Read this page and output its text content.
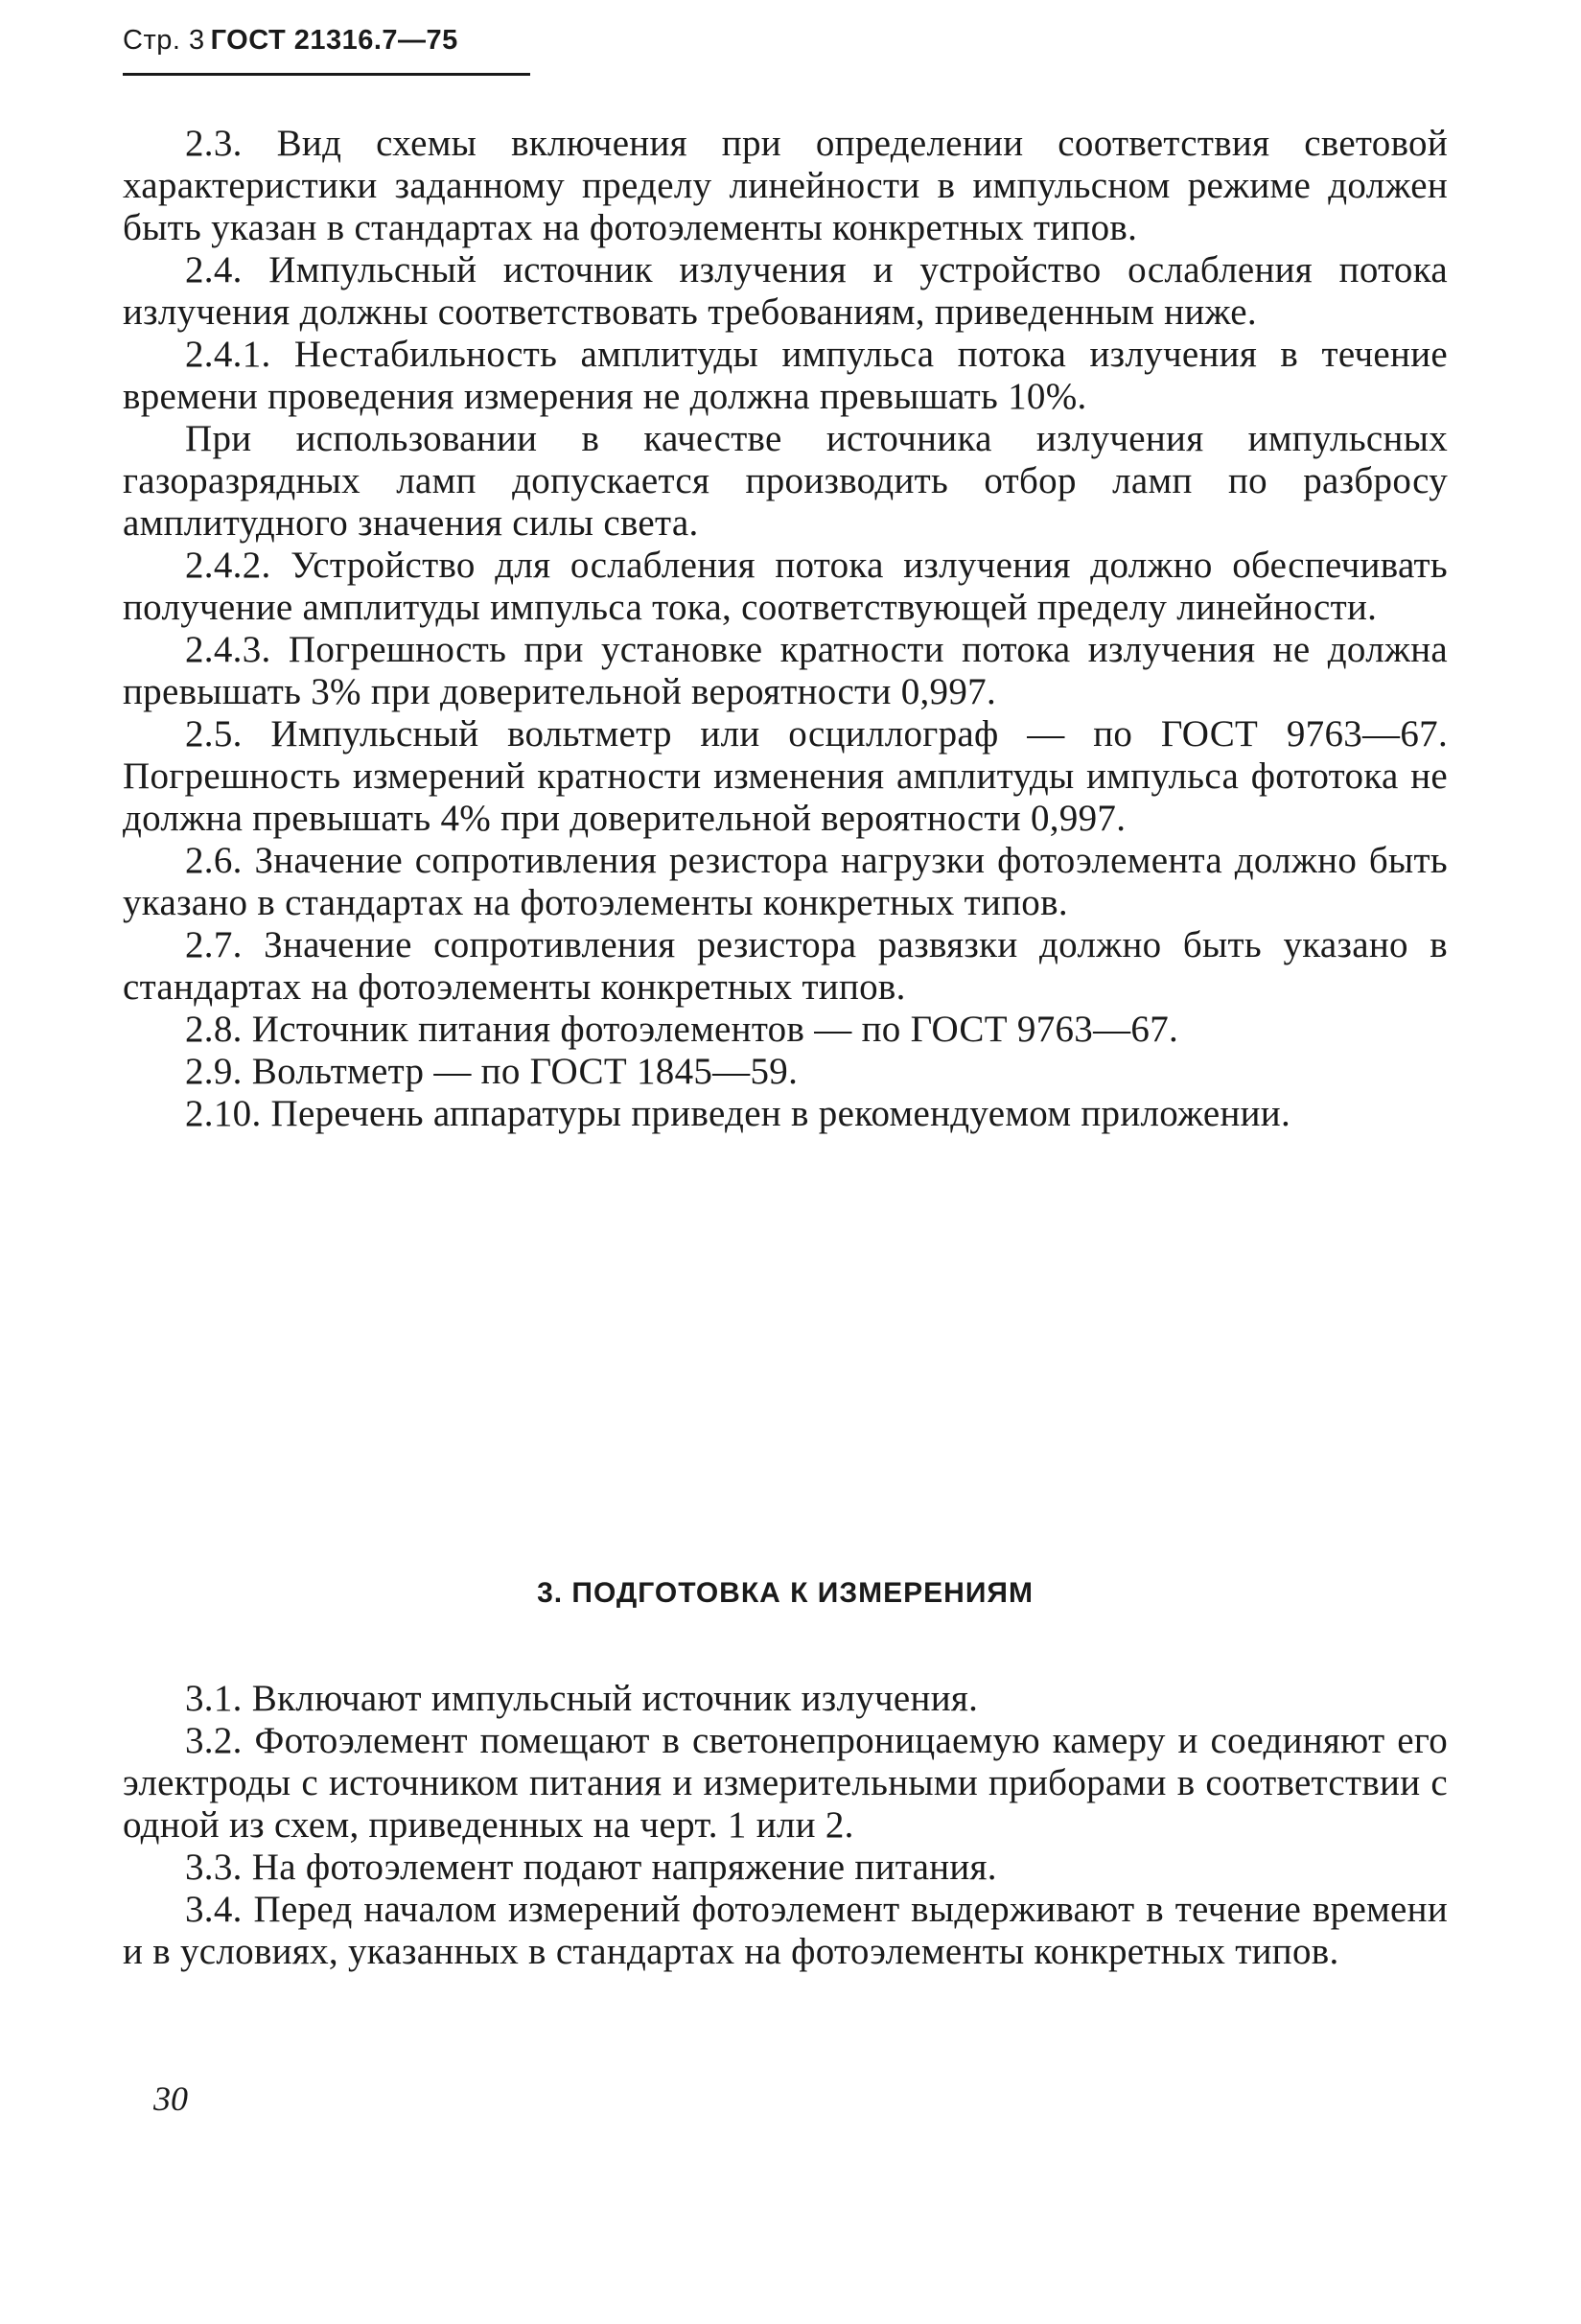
Стр. 3 ГОСТ 21316.7—75

2.3. Вид схемы включения при определении соответствия световой характеристики заданному пределу линейности в импульсном режиме должен быть указан в стандартах на фотоэлементы конкретных типов.

2.4. Импульсный источник излучения и устройство ослабления потока излучения должны соответствовать требованиям, приведенным ниже.

2.4.1. Нестабильность амплитуды импульса потока излучения в течение времени проведения измерения не должна превышать 10%.

При использовании в качестве источника излучения импульсных газоразрядных ламп допускается производить отбор ламп по разбросу амплитудного значения силы света.

2.4.2. Устройство для ослабления потока излучения должно обеспечивать получение амплитуды импульса тока, соответствующей пределу линейности.

2.4.3. Погрешность при установке кратности потока излучения не должна превышать 3% при доверительной вероятности 0,997.

2.5. Импульсный вольтметр или осциллограф — по ГОСТ 9763—67. Погрешность измерений кратности изменения амплитуды импульса фототока не должна превышать 4% при доверительной вероятности 0,997.

2.6. Значение сопротивления резистора нагрузки фотоэлемента должно быть указано в стандартах на фотоэлементы конкретных типов.

2.7. Значение сопротивления резистора развязки должно быть указано в стандартах на фотоэлементы конкретных типов.

2.8. Источник питания фотоэлементов — по ГОСТ 9763—67.

2.9. Вольтметр — по ГОСТ 1845—59.

2.10. Перечень аппаратуры приведен в рекомендуемом приложении.

3. ПОДГОТОВКА К ИЗМЕРЕНИЯМ

3.1. Включают импульсный источник излучения.

3.2. Фотоэлемент помещают в светонепроницаемую камеру и соединяют его электроды с источником питания и измерительными приборами в соответствии с одной из схем, приведенных на черт. 1 или 2.

3.3. На фотоэлемент подают напряжение питания.

3.4. Перед началом измерений фотоэлемент выдерживают в течение времени и в условиях, указанных в стандартах на фотоэлементы конкретных типов.

30
